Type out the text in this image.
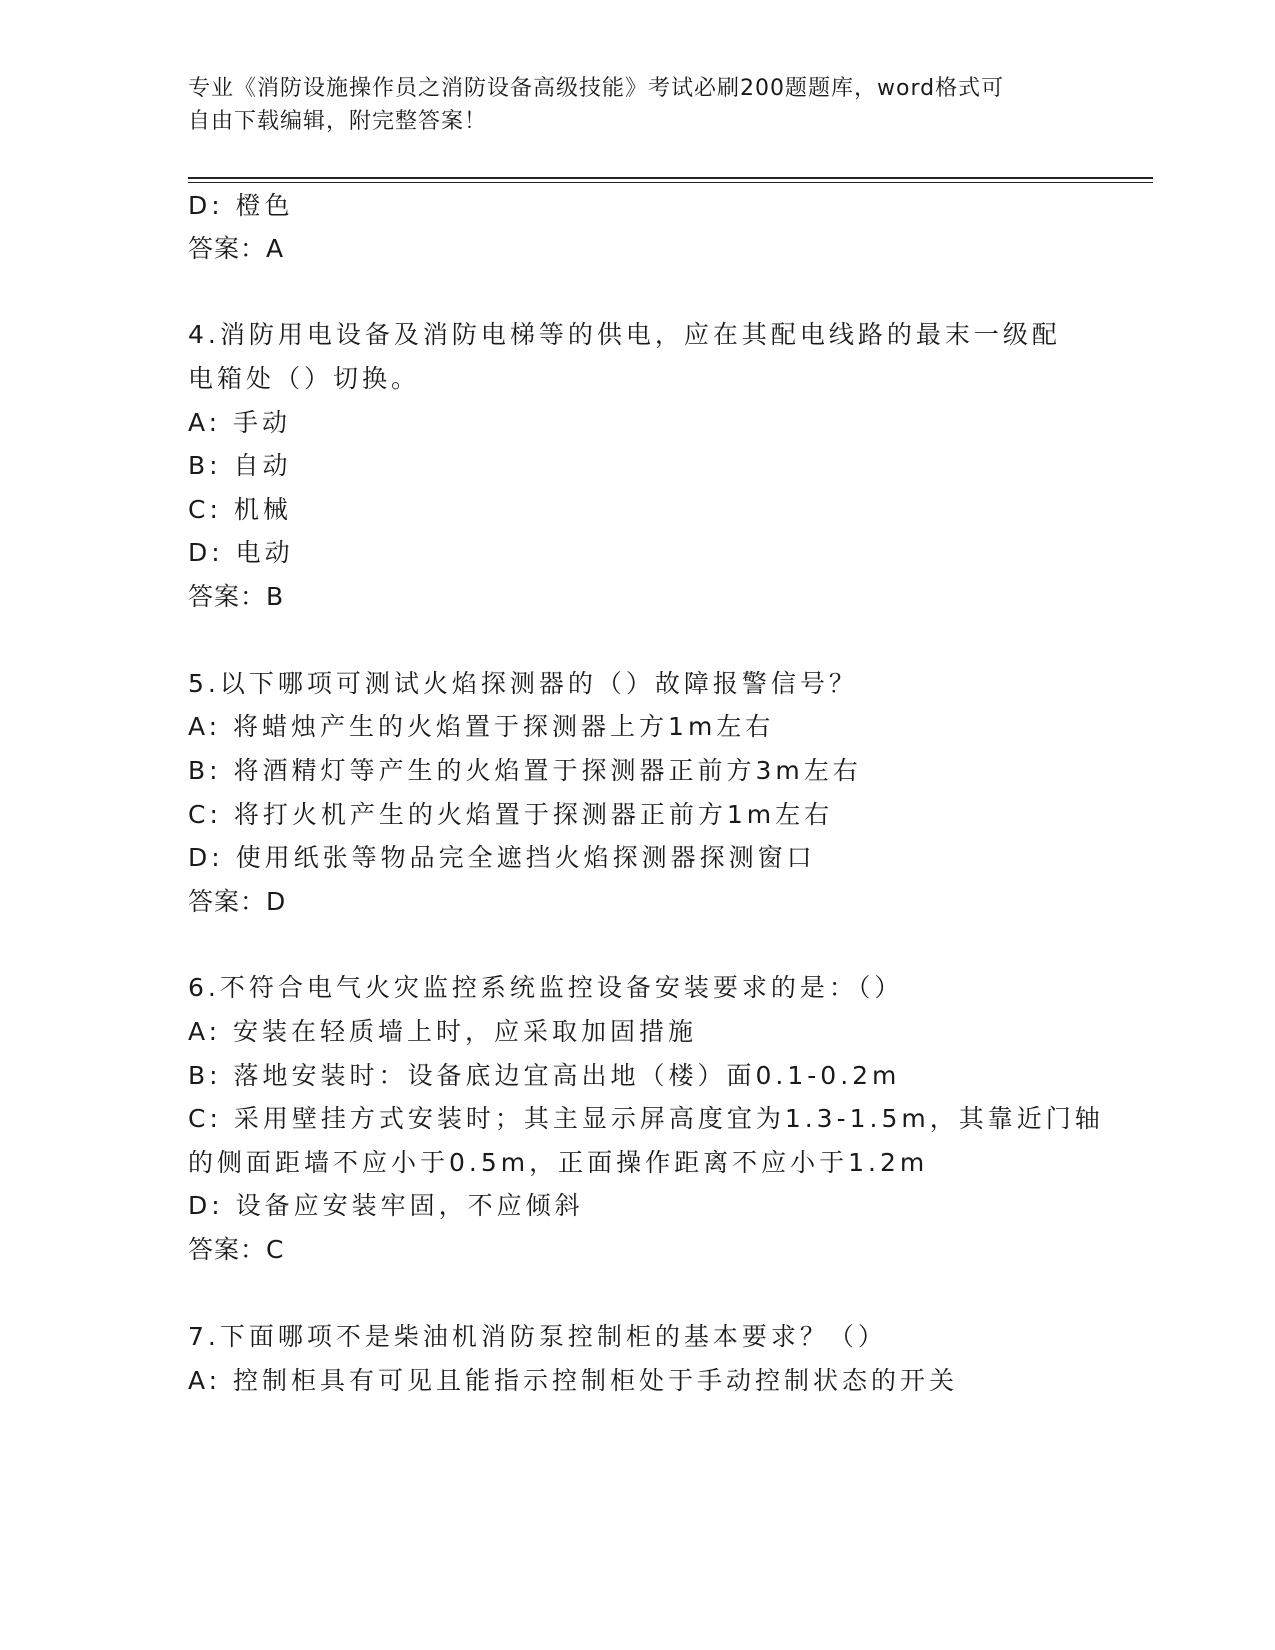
专业《消防设施操作员之消防设备高级技能》考试必刷200题题库，word格式可
自由下载编辑，附完整答案！
D: 橙色
答案：A
4.消防用电设备及消防电梯等的供电，应在其配电线路的最末一级配
电箱处（）切换。
A: 手动
B: 自动
C: 机械
D: 电动
答案：B
5.以下哪项可测试火焰探测器的（）故障报警信号？
A: 将蜡烛产生的火焰置于探测器上方1m左右
B: 将酒精灯等产生的火焰置于探测器正前方3m左右
C: 将打火机产生的火焰置于探测器正前方1m左右
D: 使用纸张等物品完全遮挡火焰探测器探测窗口
答案：D
6.不符合电气火灾监控系统监控设备安装要求的是：（）
A: 安装在轻质墙上时，应采取加固措施
B: 落地安装时：设备底边宜高出地（楼）面0.1-0.2m
C: 采用壁挂方式安装时；其主显示屏高度宜为1.3-1.5m，其靠近门轴
的侧面距墙不应小于0.5m，正面操作距离不应小于1.2m
D: 设备应安装牢固，不应倾斜
答案：C
7.下面哪项不是柴油机消防泵控制柜的基本要求？（）
A: 控制柜具有可见且能指示控制柜处于手动控制状态的开关
